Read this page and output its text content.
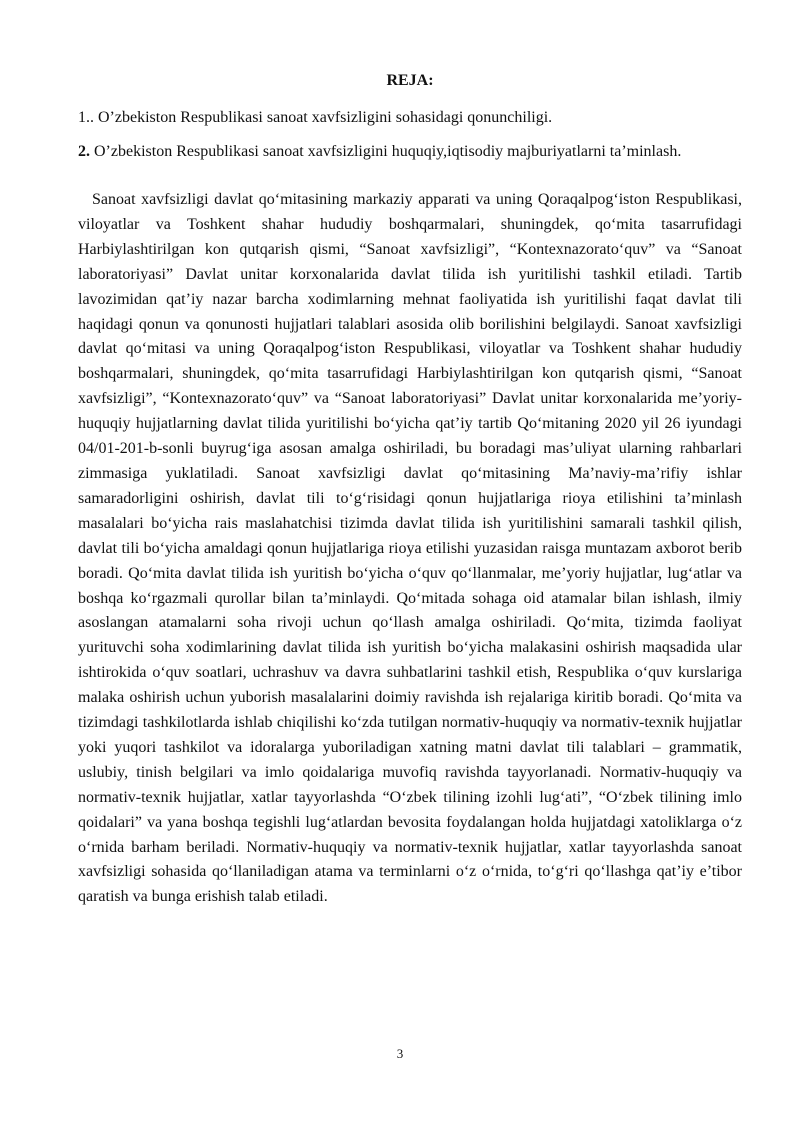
REJA:

1.. O’zbekiston Respublikasi sanoat xavfsizligini sohasidagi qonunchiligi.

2. O’zbekiston Respublikasi sanoat xavfsizligini huquqiy,iqtisodiy majburiyatlarni ta’minlash.

Sanoat xavfsizligi davlat qoʻmitasining markaziy apparati va uning Qoraqalpogʻiston Respublikasi, viloyatlar va Toshkent shahar hududiy boshqarmalari, shuningdek, qoʻmita tasarrufidagi Harbiylashtirilgan kon qutqarish qismi, “Sanoat xavfsizligi”, “Kontexnazoratoʻquv” va “Sanoat laboratoriyasi” Davlat unitar korxonalarida davlat tilida ish yuritilishi tashkil etiladi. Tartib lavozimidan qat’iy nazar barcha xodimlarning mehnat faoliyatida ish yuritilishi faqat davlat tili haqidagi qonun va qonunosti hujjatlari talablari asosida olib borilishini belgilaydi. Sanoat xavfsizligi davlat qoʻmitasi va uning Qoraqalpogʻiston Respublikasi, viloyatlar va Toshkent shahar hududiy boshqarmalari, shuningdek, qoʻmita tasarrufidagi Harbiylashtirilgan kon qutqarish qismi, “Sanoat xavfsizligi”, “Kontexnazoratoʻquv” va “Sanoat laboratoriyasi” Davlat unitar korxonalarida me’yoriy-huquqiy hujjatlarning davlat tilida yuritilishi boʻyicha qat’iy tartib Qoʻmitaning 2020 yil 26 iyundagi 04/01-201-b-sonli buyrugʻiga asosan amalga oshiriladi, bu boradagi mas’uliyat ularning rahbarlari zimmasiga yuklatiladi. Sanoat xavfsizligi davlat qoʻmitasining Ma’naviy-ma’rifiy ishlar samaradorligini oshirish, davlat tili toʻgʻrisidagi qonun hujjatlariga rioya etilishini ta’minlash masalalari boʻyicha rais maslahatchisi tizimda davlat tilida ish yuritilishini samarali tashkil qilish, davlat tili boʻyicha amaldagi qonun hujjatlariga rioya etilishi yuzasidan raisga muntazam axborot berib boradi. Qoʻmita davlat tilida ish yuritish boʻyicha oʻquv qoʻllanmalar, me’yoriy hujjatlar, lugʻatlar va boshqa koʻrgazmali qurollar bilan ta’minlaydi. Qoʻmitada sohaga oid atamalar bilan ishlash, ilmiy asoslangan atamalarni soha rivoji uchun qoʻllash amalga oshiriladi. Qoʻmita, tizimda faoliyat yurituvchi soha xodimlarining davlat tilida ish yuritish boʻyicha malakasini oshirish maqsadida ular ishtirokida oʻquv soatlari, uchrashuv va davra suhbatlarini tashkil etish, Respublika oʻquv kurslariga malaka oshirish uchun yuborish masalalarini doimiy ravishda ish rejalariga kiritib boradi. Qoʻmita va tizimdagi tashkilotlarda ishlab chiqilishi koʻzda tutilgan normativ-huquqiy va normativ-texnik hujjatlar yoki yuqori tashkilot va idoralarga yuboriladigan xatning matni davlat tili talablari – grammatik, uslubiy, tinish belgilari va imlo qoidalariga muvofiq ravishda tayyorlanadi. Normativ-huquqiy va normativ-texnik hujjatlar, xatlar tayyorlashda “Oʻzbek tilining izohli lugʻati”, “Oʻzbek tilining imlo qoidalari” va yana boshqa tegishli lugʻatlardan bevosita foydalangan holda hujjatdagi xatoliklarga oʻz oʻrnida barham beriladi. Normativ-huquqiy va normativ-texnik hujjatlar, xatlar tayyorlashda sanoat xavfsizligi sohasida qoʻllaniladigan atama va terminlarni oʻz oʻrnida, toʻgʻri qoʻllashga qat’iy e’tibor qaratish va bunga erishish talab etiladi.

3
